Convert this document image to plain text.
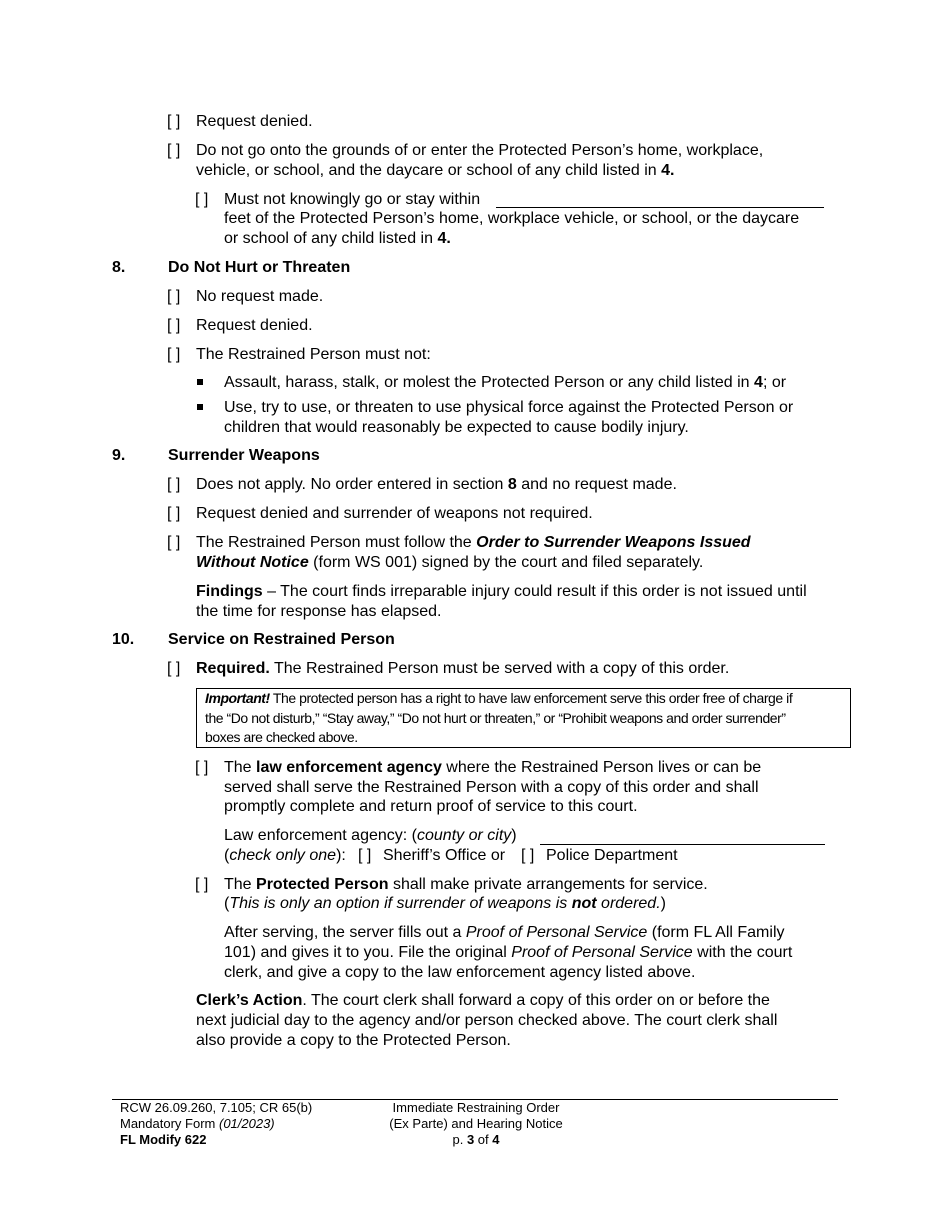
[ ] Request denied.
[ ] Do not go onto the grounds of or enter the Protected Person’s home, workplace,
vehicle, or school, and the daycare or school of any child listed in 4.
[ ] Must not knowingly go or stay within
feet of the Protected Person’s home, workplace vehicle, or school, or the daycare
or school of any child listed in 4.
8.	Do Not Hurt or Threaten
[ ] No request made.
[ ] Request denied.
[ ] The Restrained Person must not:
Assault, harass, stalk, or molest the Protected Person or any child listed in 4; or
Use, try to use, or threaten to use physical force against the Protected Person or
children that would reasonably be expected to cause bodily injury.
9.	Surrender Weapons
[ ] Does not apply. No order entered in section 8 and no request made.
[ ] Request denied and surrender of weapons not required.
[ ] The Restrained Person must follow the Order to Surrender Weapons Issued
Without Notice (form WS 001) signed by the court and filed separately.
Findings – The court finds irreparable injury could result if this order is not issued until
the time for response has elapsed.
10. Service on Restrained Person
[ ] Required. The Restrained Person must be served with a copy of this order.
Important! The protected person has a right to have law enforcement serve this order free of charge if
the “Do not disturb,” “Stay away,” “Do not hurt or threaten,” or “Prohibit weapons and order surrender”
boxes are checked above.
[ ] The law enforcement agency where the Restrained Person lives or can be
served shall serve the Restrained Person with a copy of this order and shall
promptly complete and return proof of service to this court.
Law enforcement agency: (county or city)
(check only one): [ ] Sheriff’s Office or [ ] Police Department
[ ] The Protected Person shall make private arrangements for service.
(This is only an option if surrender of weapons is not ordered.)
After serving, the server fills out a Proof of Personal Service (form FL All Family
101) and gives it to you. File the original Proof of Personal Service with the court
clerk, and give a copy to the law enforcement agency listed above.
Clerk’s Action. The court clerk shall forward a copy of this order on or before the
next judicial day to the agency and/or person checked above. The court clerk shall
also provide a copy to the Protected Person.
RCW 26.09.260, 7.105; CR 65(b)
Mandatory Form (01/2023)
FL Modify 622
Immediate Restraining Order
(Ex Parte) and Hearing Notice
p. 3 of 4
